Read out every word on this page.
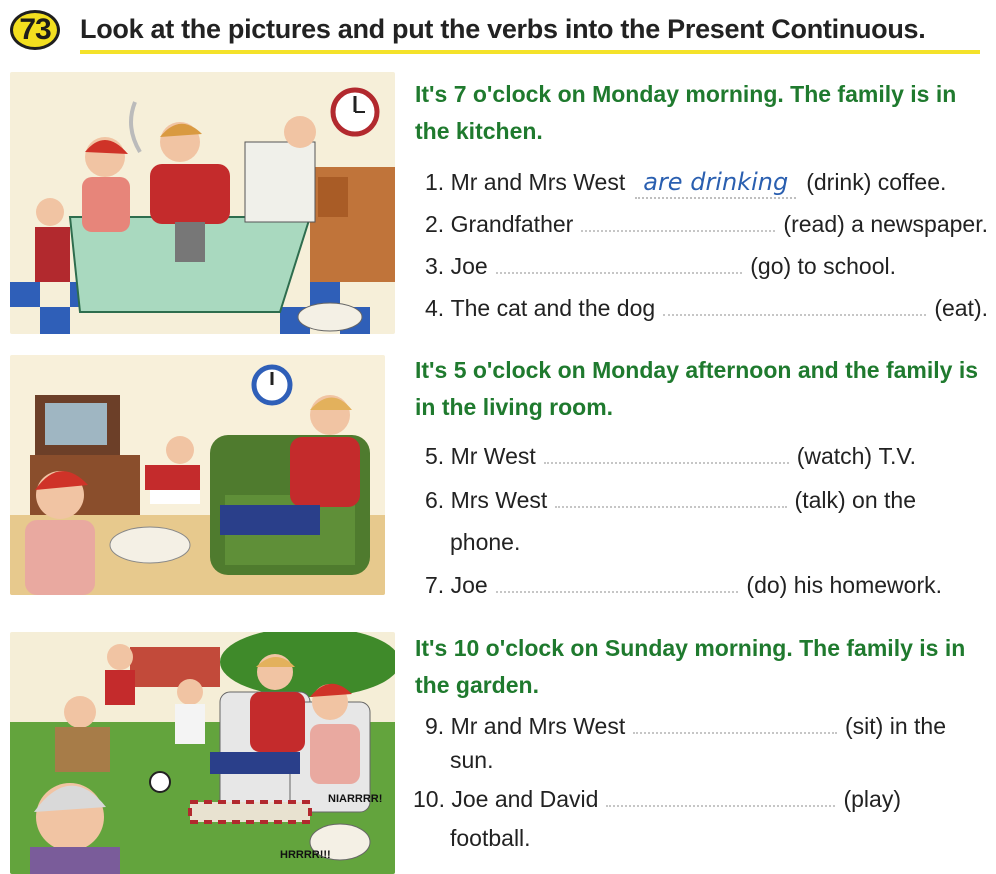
73	Look at the pictures and put the verbs into the Present Continuous.
It's 7 o'clock on Monday morning. The family is in the kitchen.
1.
Mr and Mrs West are drinking (drink)
coffee.
2.
Grandfather	(read)
a newspaper.
3.
Joe	(go)
to school.
4.
The cat and the dog	(eat).
It's 5 o'clock on Monday afternoon and the family is in the living room.
5.
Mr West	(watch)
T.V.
6.
Mrs West	(talk)
on the
phone.
7.
Joe	(do)
his homework.
NIARRRR!
HRRRR!!!
It's 10 o'clock on Sunday morning. The family is in the garden.
9.
Mr and Mrs West	(sit)
in the
sun.
10.
Joe and David	(play)
football.
